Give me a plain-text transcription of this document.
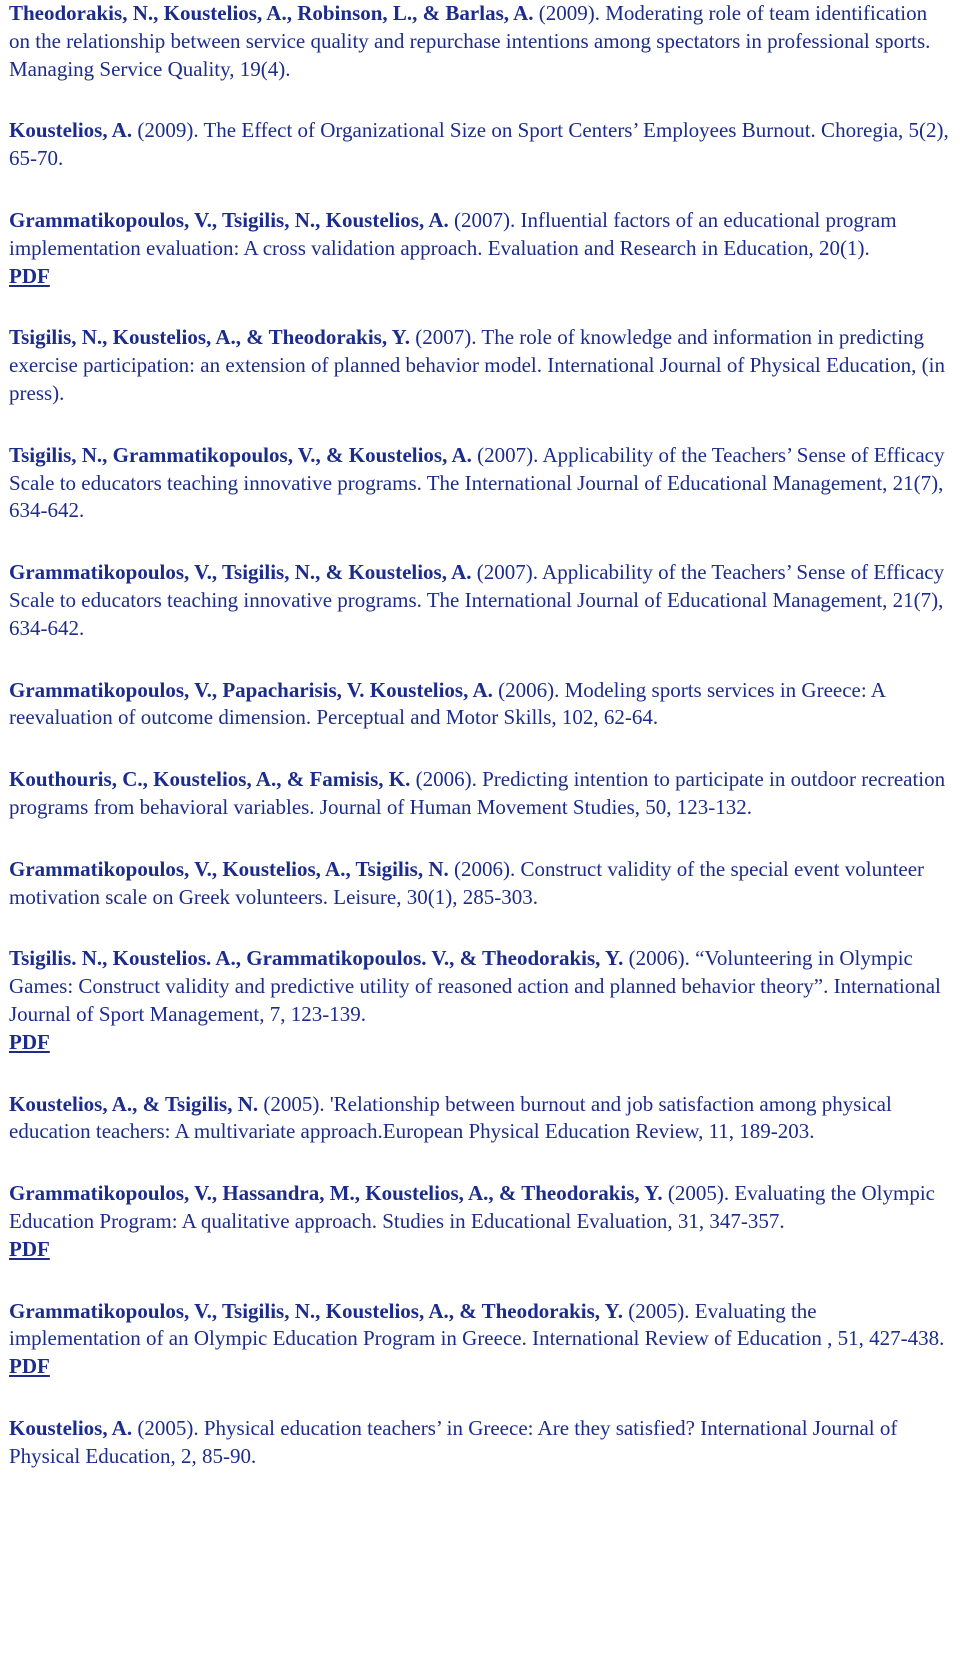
Theodorakis, N., Koustelios, A., Robinson, L., & Barlas, A. (2009). Moderating role of team identification on the relationship between service quality and repurchase intentions among spectators in professional sports. Managing Service Quality, 19(4).
Koustelios, A. (2009). The Effect of Organizational Size on Sport Centers’ Employees Burnout. Choregia, 5(2), 65-70.
Grammatikopoulos, V., Tsigilis, N., Koustelios, A. (2007). Influential factors of an educational program implementation evaluation: A cross validation approach. Evaluation and Research in Education, 20(1).
PDF
Tsigilis, N., Koustelios, A., & Theodorakis, Y. (2007). The role of knowledge and information in predicting exercise participation: an extension of planned behavior model. International Journal of Physical Education, (in press).
Tsigilis, N., Grammatikopoulos, V., & Koustelios, A. (2007). Applicability of the Teachers’ Sense of Efficacy Scale to educators teaching innovative programs. The International Journal of Educational Management, 21(7), 634-642.
Grammatikopoulos, V., Tsigilis, N., & Koustelios, A. (2007). Applicability of the Teachers’ Sense of Efficacy Scale to educators teaching innovative programs. The International Journal of Educational Management, 21(7), 634-642.
Grammatikopoulos, V., Papacharisis, V. Koustelios, A. (2006). Modeling sports services in Greece: A reevaluation of outcome dimension. Perceptual and Motor Skills, 102, 62-64.
Kouthouris, C., Koustelios, A., & Famisis, K. (2006). Predicting intention to participate in outdoor recreation programs from behavioral variables. Journal of Human Movement Studies, 50, 123-132.
Grammatikopoulos, V., Koustelios, A., Tsigilis, N. (2006). Construct validity of the special event volunteer motivation scale on Greek volunteers. Leisure, 30(1), 285-303.
Tsigilis. N., Koustelios. A., Grammatikopoulos. V., & Theodorakis, Y. (2006). “Volunteering in Olympic Games: Construct validity and predictive utility of reasoned action and planned behavior theory”. International Journal of Sport Management, 7, 123-139.
PDF
Koustelios, A., & Tsigilis, N. (2005). 'Relationship between burnout and job satisfaction among physical education teachers: A multivariate approach.European Physical Education Review, 11, 189-203.
Grammatikopoulos, V., Hassandra, M., Koustelios, A., & Theodorakis, Y. (2005). Evaluating the Olympic Education Program: A qualitative approach. Studies in Educational Evaluation, 31, 347-357.
PDF
Grammatikopoulos, V., Tsigilis, N., Koustelios, A., & Theodorakis, Y. (2005). Evaluating the implementation of an Olympic Education Program in Greece. International Review of Education , 51, 427-438.
PDF
Koustelios, A. (2005). Physical education teachers’ in Greece: Are they satisfied? International Journal of Physical Education, 2, 85-90.
